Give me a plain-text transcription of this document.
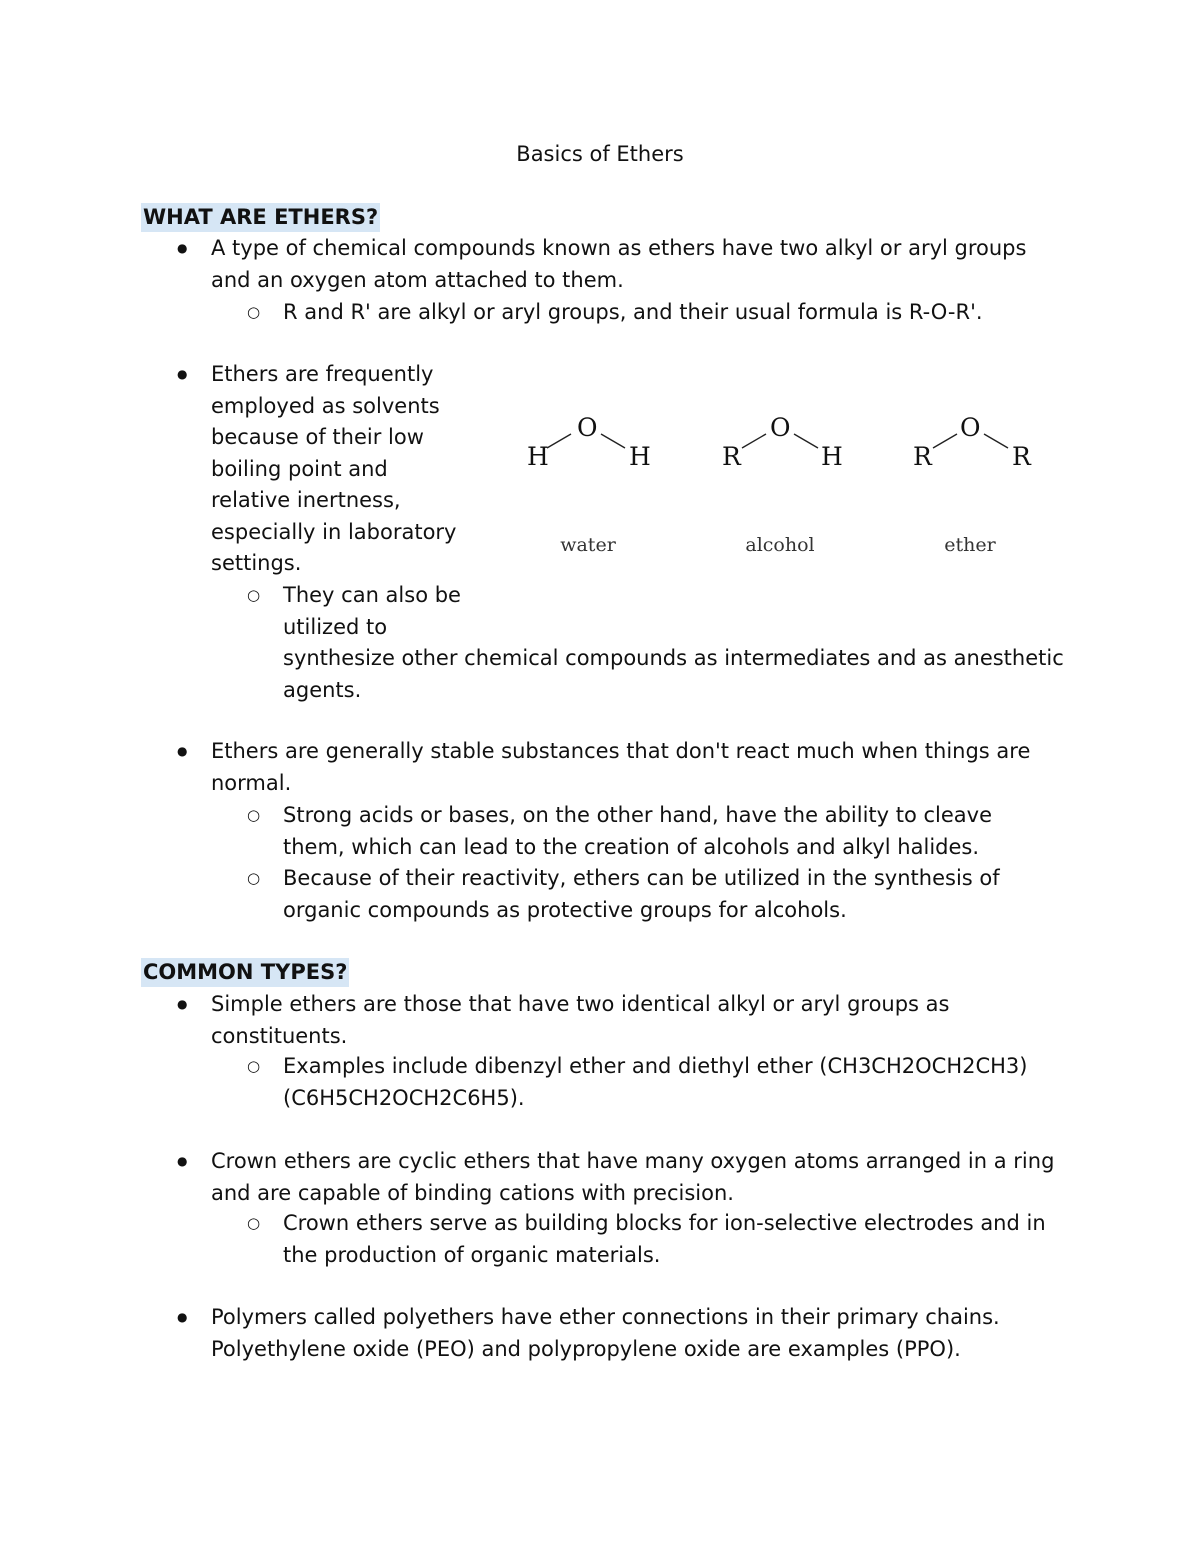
Basics of Ethers
WHAT ARE ETHERS?
● A type of chemical compounds known as ethers have two alkyl or aryl groups
and an oxygen atom attached to them.
○ R and R' are alkyl or aryl groups, and their usual formula is R-O-R'.
● Ethers are frequently
employed as solvents
because of their low
boiling point and
relative inertness,
especially in laboratory
settings.
○ They can also be
utilized to
synthesize other chemical compounds as intermediates and as anesthetic
agents.
H
O
H
water
R
O
H
alcohol
R
O
R
ether
● Ethers are generally stable substances that don't react much when things are
normal.
○ Strong acids or bases, on the other hand, have the ability to cleave
them, which can lead to the creation of alcohols and alkyl halides.
○ Because of their reactivity, ethers can be utilized in the synthesis of
organic compounds as protective groups for alcohols.
COMMON TYPES?
● Simple ethers are those that have two identical alkyl or aryl groups as
constituents.
○ Examples include dibenzyl ether and diethyl ether (CH3CH2OCH2CH3)
(C6H5CH2OCH2C6H5).
● Crown ethers are cyclic ethers that have many oxygen atoms arranged in a ring
and are capable of binding cations with precision.
○ Crown ethers serve as building blocks for ion-selective electrodes and in
the production of organic materials.
● Polymers called polyethers have ether connections in their primary chains.
Polyethylene oxide (PEO) and polypropylene oxide are examples (PPO).
